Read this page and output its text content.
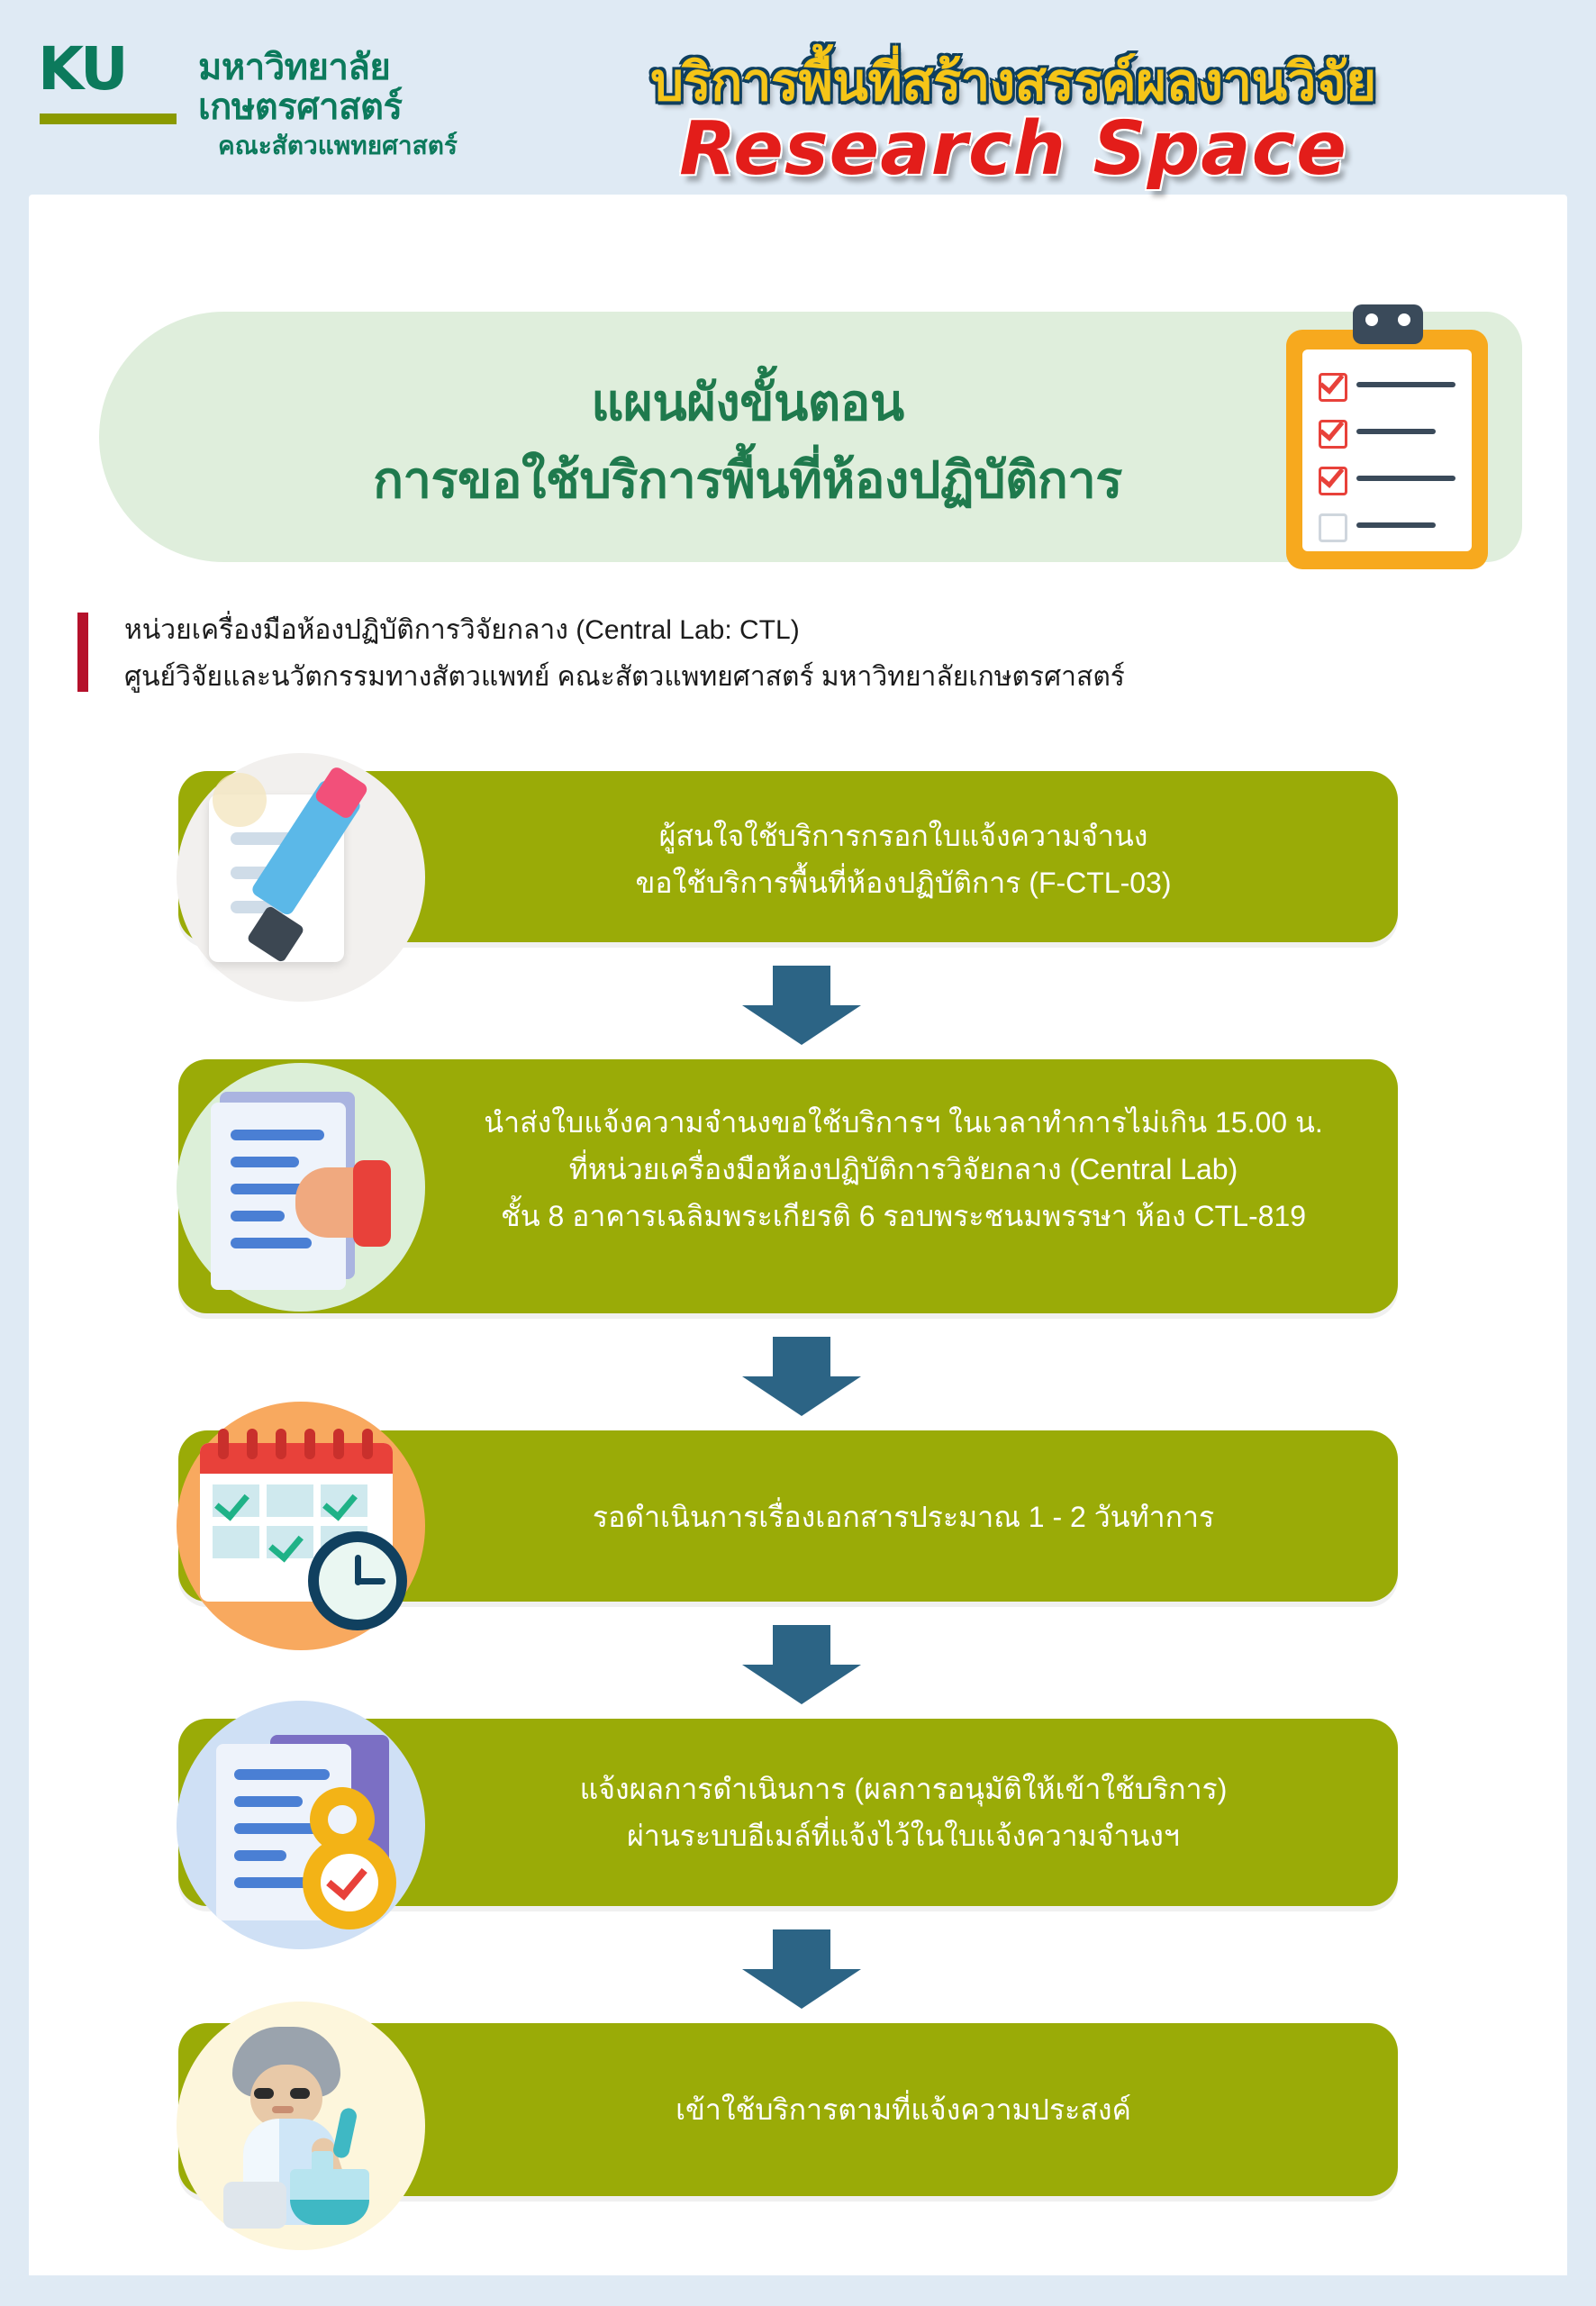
KU มหาวิทยาลัย
เกษตรศาสตร์
คณะสัตวแพทยศาสตร์
บริการพื้นที่สร้างสรรค์ผลงานวิจัย
Research Space
แผนผังขั้นตอน
การขอใช้บริการพื้นที่ห้องปฏิบัติการ
หน่วยเครื่องมือห้องปฏิบัติการวิจัยกลาง (Central Lab: CTL)
ศูนย์วิจัยและนวัตกรรมทางสัตวแพทย์ คณะสัตวแพทยศาสตร์ มหาวิทยาลัยเกษตรศาสตร์
ผู้สนใจใช้บริการกรอกใบแจ้งความจำนง
ขอใช้บริการพื้นที่ห้องปฏิบัติการ (F-CTL-03)
นำส่งใบแจ้งความจำนงขอใช้บริการฯ ในเวลาทำการไม่เกิน 15.00 น.
ที่หน่วยเครื่องมือห้องปฏิบัติการวิจัยกลาง (Central Lab)
ชั้น 8 อาคารเฉลิมพระเกียรติ 6 รอบพระชนมพรรษา ห้อง CTL-819
รอดำเนินการเรื่องเอกสารประมาณ 1 - 2 วันทำการ
แจ้งผลการดำเนินการ (ผลการอนุมัติให้เข้าใช้บริการ)
ผ่านระบบอีเมล์ที่แจ้งไว้ในใบแจ้งความจำนงฯ
เข้าใช้บริการตามที่แจ้งความประสงค์
